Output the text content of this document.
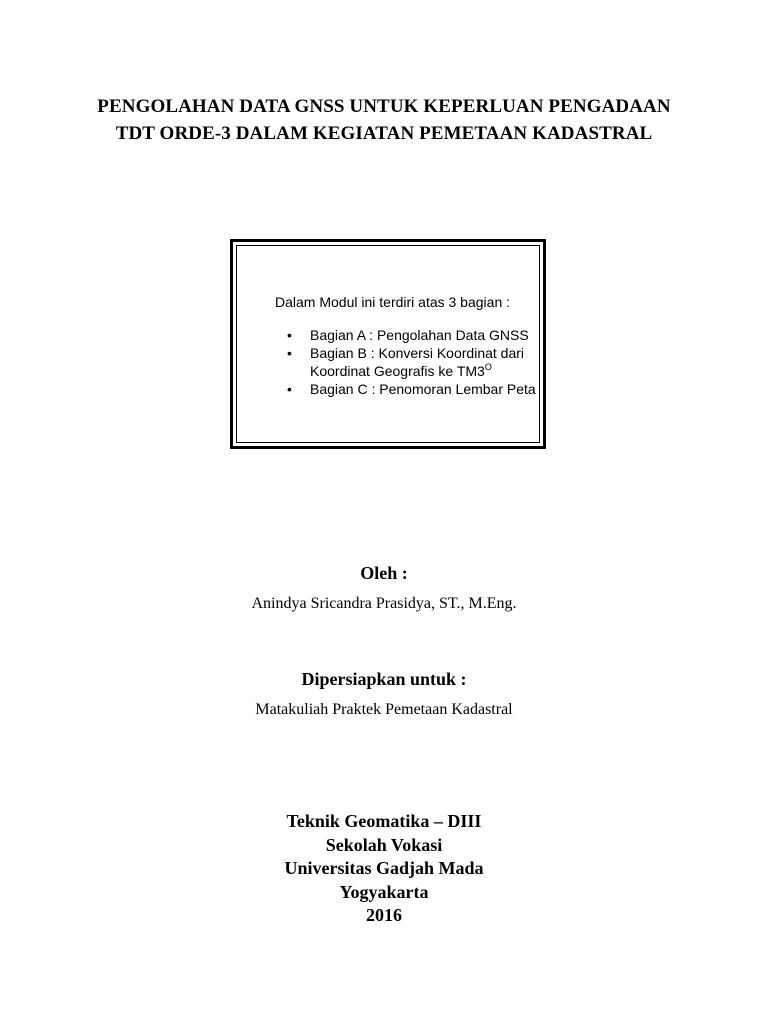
PENGOLAHAN DATA GNSS UNTUK KEPERLUAN PENGADAAN
TDT ORDE-3 DALAM KEGIATAN PEMETAAN KADASTRAL
Dalam Modul ini terdiri atas 3 bagian :
• Bagian A : Pengolahan Data GNSS
• Bagian B : Konversi Koordinat dari
Koordinat Geografis ke $TM3^O$
• Bagian C : Penomoran Lembar Peta
Oleh :
Anindya Sricandra Prasidya, ST., M.Eng.
Dipersiapkan untuk :
Matakuliah Praktek Pemetaan Kadastral
Teknik Geomatika – DIII
Sekolah Vokasi
Universitas Gadjah Mada
Yogyakarta
2016
